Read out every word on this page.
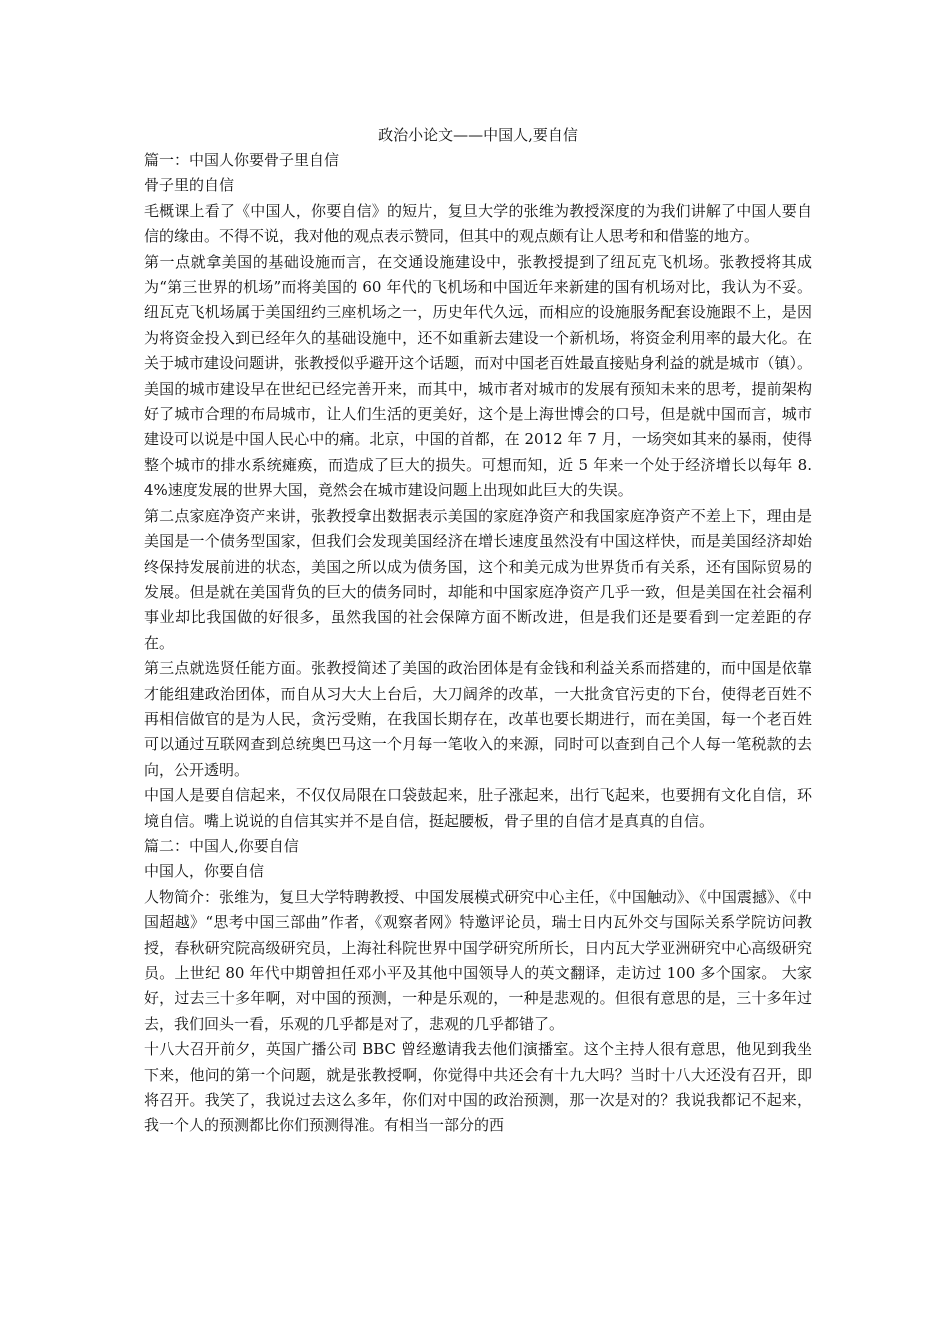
政治小论文——中国人,要自信
篇一：中国人你要骨子里自信
骨子里的自信
毛概课上看了《中国人，你要自信》的短片，复旦大学的张维为教授深度的为我们讲解了中国人要自信的缘由。不得不说，我对他的观点表示赞同，但其中的观点颇有让人思考和和借鉴的地方。
第一点就拿美国的基础设施而言，在交通设施建设中，张教授提到了纽瓦克飞机场。张教授将其成为“第三世界的机场”而将美国的 60 年代的飞机场和中国近年来新建的国有机场对比，我认为不妥。纽瓦克飞机场属于美国纽约三座机场之一，历史年代久远，而相应的设施服务配套设施跟不上，是因为将资金投入到已经年久的基础设施中，还不如重新去建设一个新机场，将资金利用率的最大化。在关于城市建设问题讲，张教授似乎避开这个话题，而对中国老百姓最直接贴身利益的就是城市（镇）。美国的城市建设早在世纪已经完善开来，而其中，城市者对城市的发展有预知未来的思考，提前架构好了城市合理的布局城市，让人们生活的更美好，这个是上海世博会的口号，但是就中国而言，城市建设可以说是中国人民心中的痛。北京，中国的首都，在 2012 年 7 月，一场突如其来的暴雨，使得整个城市的排水系统瘫痪，而造成了巨大的损失。可想而知，近 5 年来一个处于经济增长以每年 8.4%速度发展的世界大国，竟然会在城市建设问题上出现如此巨大的失误。
第二点家庭净资产来讲，张教授拿出数据表示美国的家庭净资产和我国家庭净资产不差上下，理由是美国是一个债务型国家，但我们会发现美国经济在增长速度虽然没有中国这样快，而是美国经济却始终保持发展前进的状态，美国之所以成为债务国，这个和美元成为世界货币有关系，还有国际贸易的发展。但是就在美国背负的巨大的债务同时，却能和中国家庭净资产几乎一致，但是美国在社会福利事业却比我国做的好很多，虽然我国的社会保障方面不断改进，但是我们还是要看到一定差距的存在。
第三点就选贤任能方面。张教授简述了美国的政治团体是有金钱和利益关系而搭建的，而中国是依靠才能组建政治团体，而自从习大大上台后，大刀阔斧的改革，一大批贪官污吏的下台，使得老百姓不再相信做官的是为人民，贪污受贿，在我国长期存在，改革也要长期进行，而在美国，每一个老百姓可以通过互联网查到总统奥巴马这一个月每一笔收入的来源，同时可以查到自己个人每一笔税款的去向，公开透明。
中国人是要自信起来，不仅仅局限在口袋鼓起来，肚子涨起来，出行飞起来，也要拥有文化自信，环境自信。嘴上说说的自信其实并不是自信，挺起腰板，骨子里的自信才是真真的自信。
篇二：中国人,你要自信
中国人，你要自信
人物简介：张维为，复旦大学特聘教授、中国发展模式研究中心主任，《中国触动》、《中国震撼》、《中国超越》“思考中国三部曲”作者，《观察者网》特邀评论员，瑞士日内瓦外交与国际关系学院访问教授，春秋研究院高级研究员，上海社科院世界中国学研究所所长，日内瓦大学亚洲研究中心高级研究员。上世纪 80 年代中期曾担任邓小平及其他中国领导人的英文翻译，走访过 100 多个国家。 大家好，过去三十多年啊，对中国的预测，一种是乐观的，一种是悲观的。但很有意思的是，三十多年过去，我们回头一看，乐观的几乎都是对了，悲观的几乎都错了。
十八大召开前夕，英国广播公司 BBC 曾经邀请我去他们演播室。这个主持人很有意思，他见到我坐下来，他问的第一个问题，就是张教授啊，你觉得中共还会有十九大吗？当时十八大还没有召开，即将召开。我笑了，我说过去这么多年，你们对中国的政治预测，那一次是对的？我说我都记不起来，我一个人的预测都比你们预测得准。有相当一部分的西
